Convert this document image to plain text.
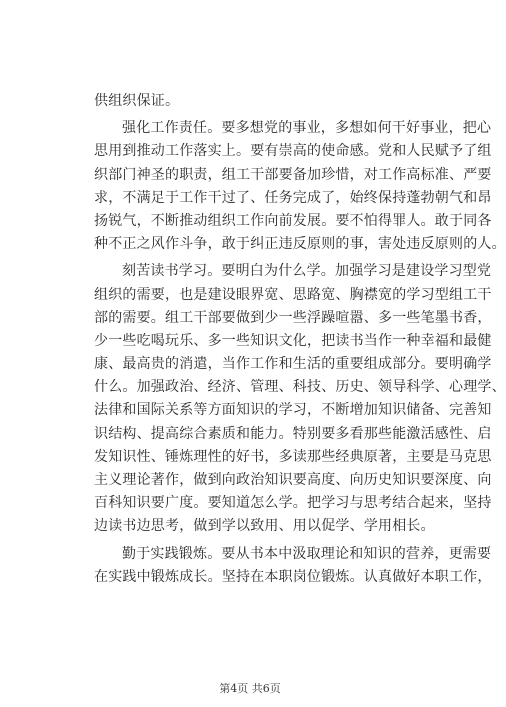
供组织保证。
强化工作责任。要多想党的事业，多想如何干好事业，把心
思用到推动工作落实上。要有崇高的使命感。党和人民赋予了组
织部门神圣的职责，组工干部要备加珍惜，对工作高标准、严要
求，不满足于工作干过了、任务完成了，始终保持蓬勃朝气和昂
扬锐气，不断推动组织工作向前发展。要不怕得罪人。敢于同各
种不正之风作斗争，敢于纠正违反原则的事，害处违反原则的人。
刻苦读书学习。要明白为什么学。加强学习是建设学习型党
组织的需要，也是建设眼界宽、思路宽、胸襟宽的学习型组工干
部的需要。组工干部要做到少一些浮躁喧嚣、多一些笔墨书香，
少一些吃喝玩乐、多一些知识文化，把读书当作一种幸福和最健
康、最高贵的消遣，当作工作和生活的重要组成部分。要明确学
什么。加强政治、经济、管理、科技、历史、领导科学、心理学、
法律和国际关系等方面知识的学习，不断增加知识储备、完善知
识结构、提高综合素质和能力。特别要多看那些能激活感性、启
发知识性、锤炼理性的好书，多读那些经典原著，主要是马克思
主义理论著作，做到向政治知识要高度、向历史知识要深度、向
百科知识要广度。要知道怎么学。把学习与思考结合起来，坚持
边读书边思考，做到学以致用、用以促学、学用相长。
勤于实践锻炼。要从书本中汲取理论和知识的营养，更需要
在实践中锻炼成长。坚持在本职岗位锻炼。认真做好本职工作，
第4页 共6页
